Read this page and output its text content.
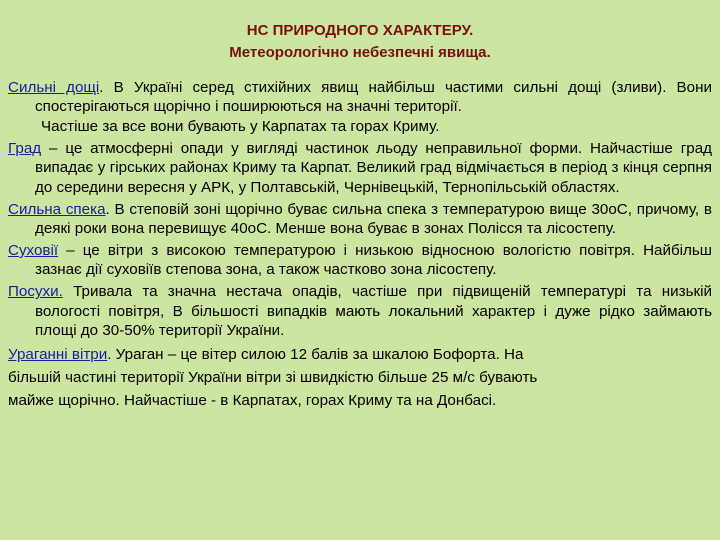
НС ПРИРОДНОГО ХАРАКТЕРУ.
Метеорологічно небезпечні явища.

Сильні дощі. В Україні серед стихійних явищ найбільш частими сильні дощі (зливи). Вони спостерігаються щорічно і поширюються на значні території.
Частіше за все вони бувають у Карпатах та горах Криму.

Град – це атмосферні опади у вигляді частинок льоду неправильної форми. Найчастіше град випадає у гірських районах Криму та Карпат. Великий град відмічається в період з кінця серпня до середини вересня у АРК, у Полтавській, Чернівецькій, Тернопільській областях.

Сильна спека. В степовій зоні щорічно буває сильна спека з температурою вище 30оС, причому, в деякі роки вона перевищує 40оС. Менше вона буває в зонах Полісся та лісостепу.

Суховії – це вітри з високою температурою і низькою відносною вологістю повітря. Найбільш зазнає дії суховіїв степова зона, а також частково зона лісостепу.

Посухи. Тривала та значна нестача опадів, частіше при підвищеній температурі та низькій вологості повітря, В більшості випадків мають локальний характер і дуже рідко займають площі до 30-50% території України.

Ураганні вітри. Ураган – це вітер силою 12 балів за шкалою Бофорта. На
більшій частині території України вітри зі швидкістю більше 25 м/с бувають
майже щорічно. Найчастіше - в Карпатах, горах Криму та на Донбасі.
